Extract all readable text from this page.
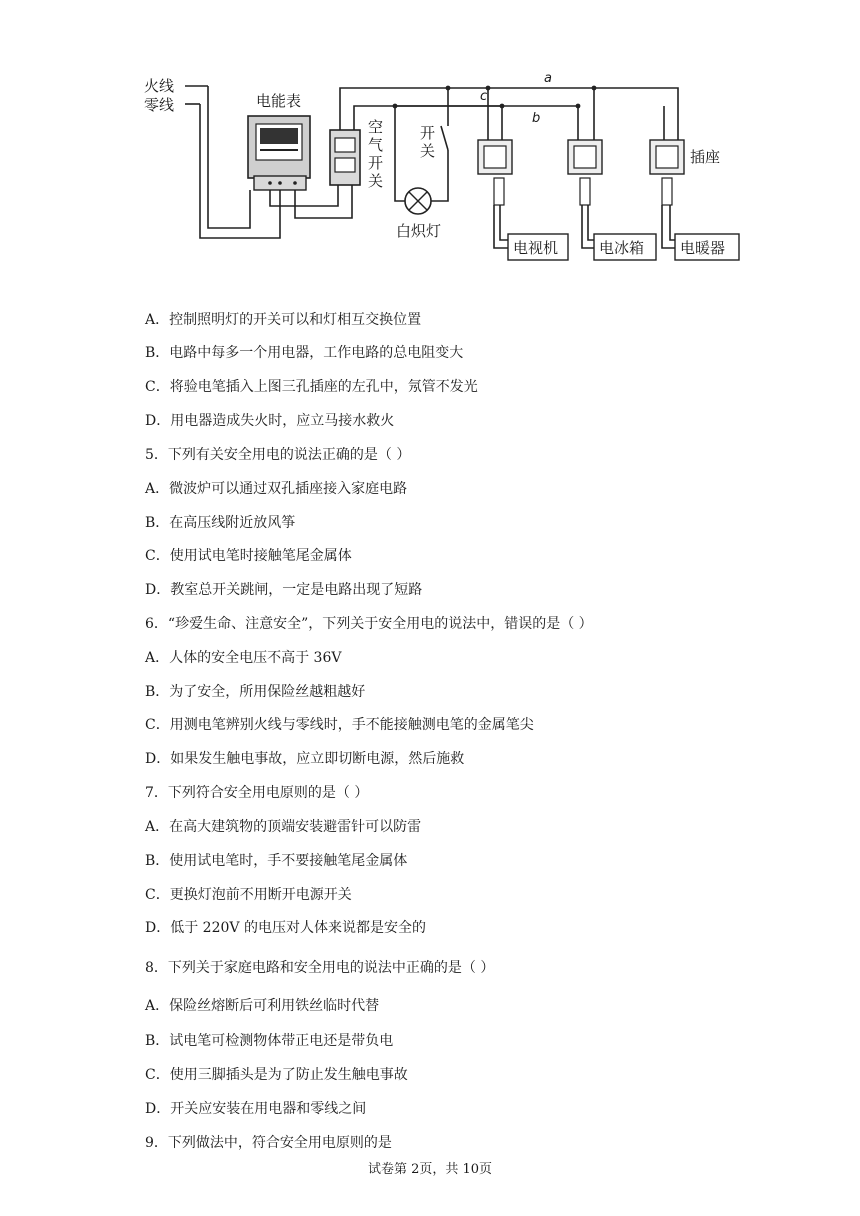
火线
零线	电能表
空
气
开
关
开
关
白炽灯
插座
a
c
b
电视机	电冰箱 电暖器
A．控制照明灯的开关可以和灯相互交换位置
B．电路中每多一个用电器，工作电路的总电阻变大
C．将验电笔插入上图三孔插座的左孔中，氖管不发光
D．用电器造成失火时，应立马接水救火
5．下列有关安全用电的说法正确的是（ ）
A．微波炉可以通过双孔插座接入家庭电路
B．在高压线附近放风筝
C．使用试电笔时接触笔尾金属体
D．教室总开关跳闸，一定是电路出现了短路
6．“珍爱生命、注意安全”，下列关于安全用电的说法中，错误的是（ ）
A．人体的安全电压不高于 36V
B．为了安全，所用保险丝越粗越好
C．用测电笔辨别火线与零线时，手不能接触测电笔的金属笔尖
D．如果发生触电事故，应立即切断电源，然后施救
7．下列符合安全用电原则的是（ ）
A．在高大建筑物的顶端安装避雷针可以防雷
B．使用试电笔时，手不要接触笔尾金属体
C．更换灯泡前不用断开电源开关
D．低于 220V 的电压对人体来说都是安全的
8．下列关于家庭电路和安全用电的说法中正确的是（ ）
A．保险丝熔断后可利用铁丝临时代替
B．试电笔可检测物体带正电还是带负电
C．使用三脚插头是为了防止发生触电事故
D．开关应安装在用电器和零线之间
9．下列做法中，符合安全用电原则的是
试卷第 2页，共 10页
